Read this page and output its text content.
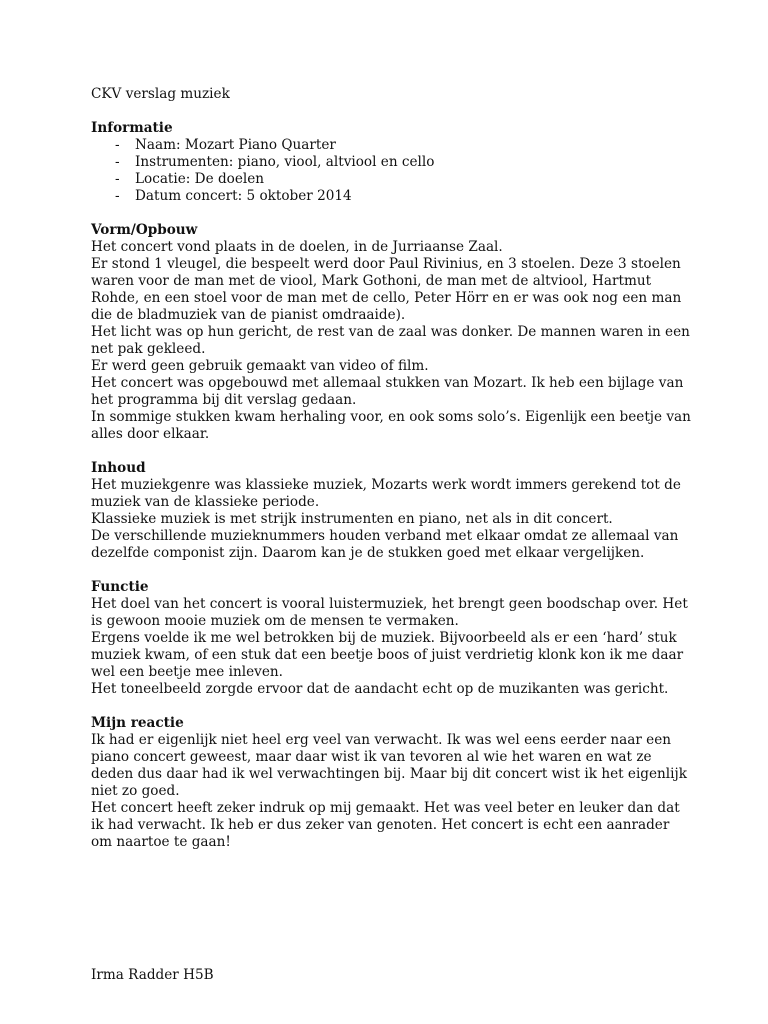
CKV verslag muziek

Informatie
- Naam: Mozart Piano Quarter
- Instrumenten: piano, viool, altviool en cello
- Locatie: De doelen
- Datum concert: 5 oktober 2014
Vorm/Opbouw

Het concert vond plaats in de doelen, in de Jurriaanse Zaal.

Er stond 1 vleugel, die bespeelt werd door Paul Rivinius, en 3 stoelen. Deze 3 stoelen waren voor de man met de viool, Mark Gothoni, de man met de altviool, Hartmut Rohde, en een stoel voor de man met de cello, Peter Hörr en er was ook nog een man die de bladmuziek van de pianist omdraaide).

Het licht was op hun gericht, de rest van de zaal was donker. De mannen waren in een net pak gekleed.

Er werd geen gebruik gemaakt van video of film.

Het concert was opgebouwd met allemaal stukken van Mozart. Ik heb een bijlage van het programma bij dit verslag gedaan.

In sommige stukken kwam herhaling voor, en ook soms solo’s. Eigenlijk een beetje van alles door elkaar.

Inhoud

Het muziekgenre was klassieke muziek, Mozarts werk wordt immers gerekend tot de muziek van de klassieke periode.

Klassieke muziek is met strijk instrumenten en piano, net als in dit concert.

De verschillende muzieknummers houden verband met elkaar omdat ze allemaal van dezelfde componist zijn. Daarom kan je de stukken goed met elkaar vergelijken.

Functie

Het doel van het concert is vooral luistermuziek, het brengt geen boodschap over. Het is gewoon mooie muziek om de mensen te vermaken.

Ergens voelde ik me wel betrokken bij de muziek. Bijvoorbeeld als er een ‘hard’ stuk muziek kwam, of een stuk dat een beetje boos of juist verdrietig klonk kon ik me daar wel een beetje mee inleven.

Het toneelbeeld zorgde ervoor dat de aandacht echt op de muzikanten was gericht.

Mijn reactie

Ik had er eigenlijk niet heel erg veel van verwacht. Ik was wel eens eerder naar een piano concert geweest, maar daar wist ik van tevoren al wie het waren en wat ze deden dus daar had ik wel verwachtingen bij. Maar bij dit concert wist ik het eigenlijk niet zo goed.

Het concert heeft zeker indruk op mij gemaakt. Het was veel beter en leuker dan dat ik had verwacht. Ik heb er dus zeker van genoten. Het concert is echt een aanrader om naartoe te gaan!

Irma Radder H5B
